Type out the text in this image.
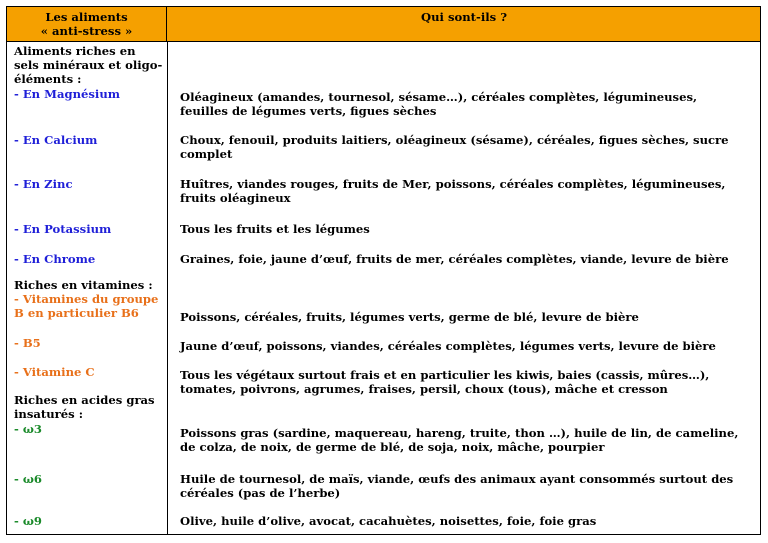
Les aliments
« anti-stress »
Qui sont-ils ?
Aliments riches en
sels minéraux et oligo-
éléments :
- En Magnésium
- En Calcium
- En Zinc
- En Potassium
- En Chrome
Riches en vitamines :
- Vitamines du groupe
B en particulier B6
- B5
- Vitamine C
Riches en acides gras
insaturés :
- ω3
- ω6
- ω9
Oléagineux (amandes, tournesol, sésame…), céréales complètes, légumineuses,
feuilles de légumes verts, figues sèches
Choux, fenouil, produits laitiers, oléagineux (sésame), céréales, figues sèches, sucre
complet
Huîtres, viandes rouges, fruits de Mer, poissons, céréales complètes, légumineuses,
fruits oléagineux
Tous les fruits et les légumes
Graines, foie, jaune d’œuf, fruits de mer, céréales complètes, viande, levure de bière
Poissons, céréales, fruits, légumes verts, germe de blé, levure de bière
Jaune d’œuf, poissons, viandes, céréales complètes, légumes verts, levure de bière
Tous les végétaux surtout frais et en particulier les kiwis, baies (cassis, mûres…),
tomates, poivrons, agrumes, fraises, persil, choux (tous), mâche et cresson
Poissons gras (sardine, maquereau, hareng, truite, thon …), huile de lin, de cameline,
de colza, de noix, de germe de blé, de soja, noix, mâche, pourpier
Huile de tournesol, de maïs, viande, œufs des animaux ayant consommés surtout des
céréales (pas de l’herbe)
Olive, huile d’olive, avocat, cacahuètes, noisettes, foie, foie gras
